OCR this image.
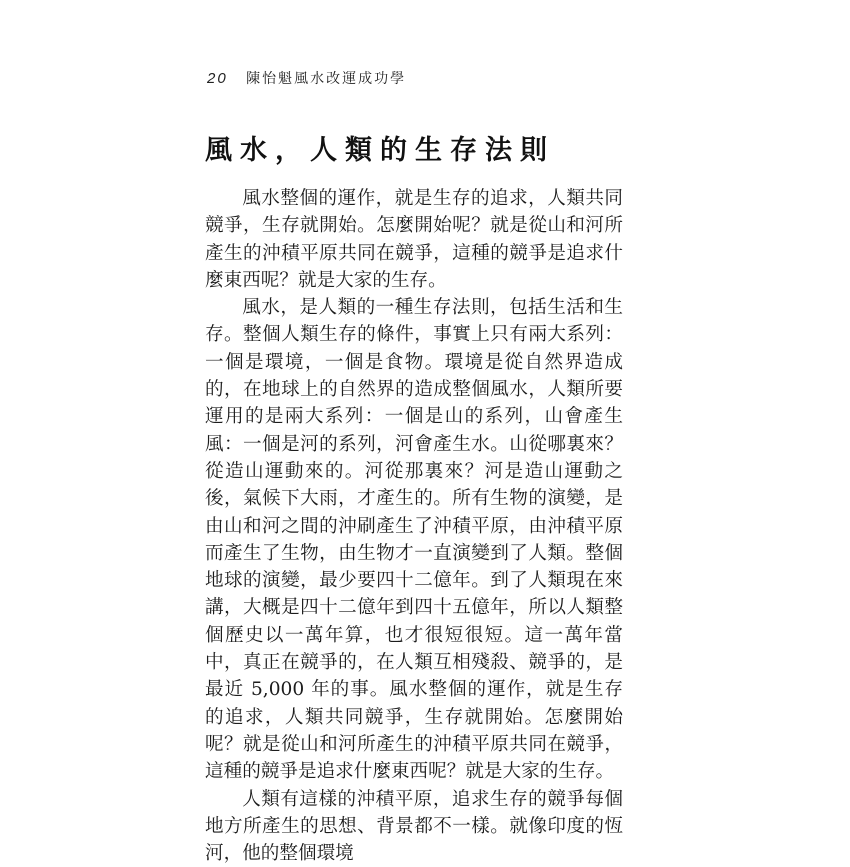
20 陳怡魁風水改運成功學
風水，人類的生存法則

風水整個的運作，就是生存的追求，人類共同競爭，生存就開始。怎麼開始呢？就是從山和河所產生的沖積平原共同在競爭，這種的競爭是追求什麼東西呢？就是大家的生存。

風水，是人類的一種生存法則，包括生活和生存。整個人類生存的條件，事實上只有兩大系列：一個是環境，一個是食物。環境是從自然界造成的，在地球上的自然界的造成整個風水，人類所要運用的是兩大系列：一個是山的系列，山會產生風：一個是河的系列，河會產生水。山從哪裏來？從造山運動來的。河從那裏來？河是造山運動之後，氣候下大雨，才產生的。所有生物的演變，是由山和河之間的沖刷產生了沖積平原，由沖積平原而產生了生物，由生物才一直演變到了人類。整個地球的演變，最少要四十二億年。到了人類現在來講，大概是四十二億年到四十五億年，所以人類整個歷史以一萬年算，也才很短很短。這一萬年當中，真正在競爭的，在人類互相殘殺、競爭的，是最近 5,000 年的事。風水整個的運作，就是生存的追求，人類共同競爭，生存就開始。怎麼開始呢？就是從山和河所產生的沖積平原共同在競爭，這種的競爭是追求什麼東西呢？就是大家的生存。

人類有這樣的沖積平原，追求生存的競爭每個地方所產生的思想、背景都不一樣。就像印度的恆河，他的整個環境
